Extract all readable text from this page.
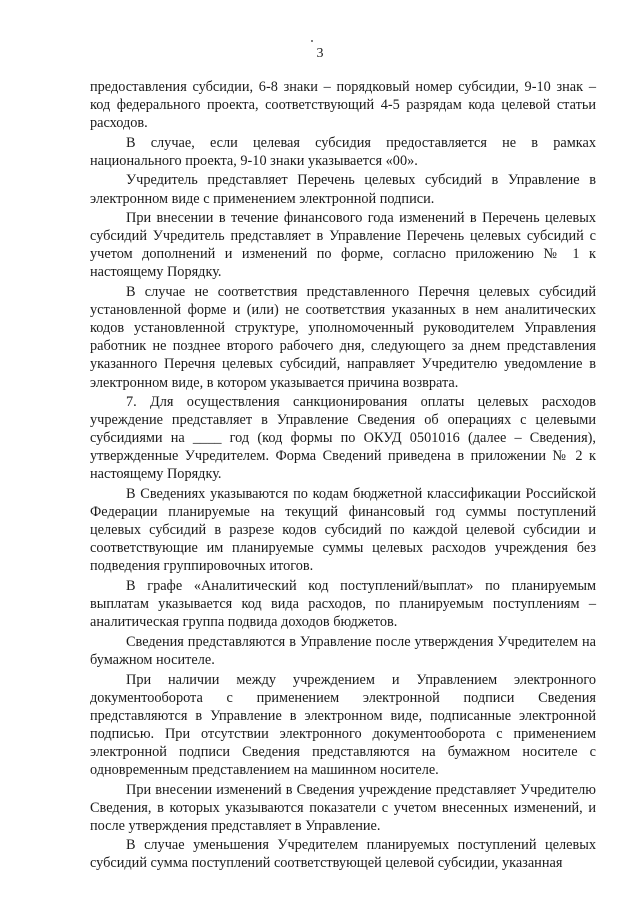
3

предоставления субсидии, 6-8 знаки – порядковый номер субсидии, 9-10 знак – код федерального проекта, соответствующий 4-5 разрядам кода целевой статьи расходов.

В случае, если целевая субсидия предоставляется не в рамках национального проекта, 9-10 знаки указывается «00».

Учредитель представляет Перечень целевых субсидий в Управление в электронном виде с применением электронной подписи.

При внесении в течение финансового года изменений в Перечень целевых субсидий Учредитель представляет в Управление Перечень целевых субсидий с учетом дополнений и изменений по форме, согласно приложению № 1 к настоящему Порядку.

В случае не соответствия представленного Перечня целевых субсидий установленной форме и (или) не соответствия указанных в нем аналитических кодов установленной структуре, уполномоченный руководителем Управления работник не позднее второго рабочего дня, следующего за днем представления указанного Перечня целевых субсидий, направляет Учредителю уведомление в электронном виде, в котором указывается причина возврата.

7. Для осуществления санкционирования оплаты целевых расходов учреждение представляет в Управление Сведения об операциях с целевыми субсидиями на ____ год (код формы по ОКУД 0501016 (далее – Сведения), утвержденные Учредителем. Форма Сведений приведена в приложении № 2 к настоящему Порядку.

В Сведениях указываются по кодам бюджетной классификации Российской Федерации планируемые на текущий финансовый год суммы поступлений целевых субсидий в разрезе кодов субсидий по каждой целевой субсидии и соответствующие им планируемые суммы целевых расходов учреждения без подведения группировочных итогов.

В графе «Аналитический код поступлений/выплат» по планируемым выплатам указывается код вида расходов, по планируемым поступлениям – аналитическая группа подвида доходов бюджетов.

Сведения представляются в Управление после утверждения Учредителем на бумажном носителе.

При наличии между учреждением и Управлением электронного документооборота с применением электронной подписи Сведения представляются в Управление в электронном виде, подписанные электронной подписью. При отсутствии электронного документооборота с применением электронной подписи Сведения представляются на бумажном носителе с одновременным представлением на машинном носителе.

При внесении изменений в Сведения учреждение представляет Учредителю Сведения, в которых указываются показатели с учетом внесенных изменений, и после утверждения представляет в Управление.

В случае уменьшения Учредителем планируемых поступлений целевых субсидий сумма поступлений соответствующей целевой субсидии, указанная
